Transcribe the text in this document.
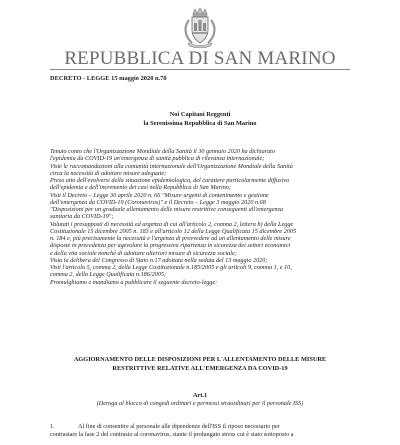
REPUBBLICA DI SAN MARINO
DECRETO - LEGGE 15 maggio 2020 n.78
Noi Capitani Reggenti
la Serenissima Repubblica di San Marino
Tenuto conto che l'Organizzazione Mondiale della Sanità il 30 gennaio 2020 ha dichiarato
l'epidemia da COVID-19 un'emergenza di sanità pubblica di rilevanza internazionale;
Viste le raccomandazioni alla comunità internazionale dell'Organizzazione Mondiale della Sanità
circa la necessità di adottare misure adeguate;
Preso atto dell'evolversi della situazione epidemiologica, del carattere particolarmente diffusivo
dell'epidemia e dell'incremento dei casi nella Repubblica di San Marino;
Visti il Decreto – Legge 30 aprile 2020 n. 66 "Misure urgenti di contenimento e gestione
dell'emergenza da COVID-19 (Coronavirus)" e il Decreto – Legge 3 maggio 2020 n.68
"Disposizioni per un graduale allentamento delle misure restrittive conseguenti all'emergenza
sanitaria da COVID-19";
Valutati i presupposti di necessità ed urgenza di cui all'articolo 2, comma 2, lettera b) della Legge
Costituzionale 15 dicembre 2005 n. 183 e all'articolo 12 della Legge Qualificata 15 dicembre 2005
n. 184 e, più precisamente la necessità e l'urgenza di provvedere ad un allentamento delle misure
disposte in precedenza per agevolare la progressiva ripartenza in sicurezza dei settori economici
e della vita sociale nonché di adottare ulteriori misure di sicurezza sociale;
Vista la delibera del Congresso di Stato n.17 adottata nella seduta del 13 maggio 2020;
Visti l'articolo 5, comma 2, della Legge Costituzionale n.185/2005 e gli articoli 9, comma 1, e 10,
comma 2, della Legge Qualificata n.186/2005;
Promulghiamo e mandiamo a pubblicare il seguente decreto-legge:
AGGIORNAMENTO DELLE DISPOSIZIONI PER L'ALLENTAMENTO DELLE MISURE
RESTRITTIVE RELATIVE ALL'EMERGENZA DA COVID-19
Art.1
(Deroga al blocco di congedi ordinari e permessi straordinari per il personale ISS)
1.	Al fine di consentire al personale alle dipendenze dell'ISS il riposo necessario per
contrastare la fase 2 del contrasto al coronavirus, stante il prolungato stress cui è stato sottoposto a
